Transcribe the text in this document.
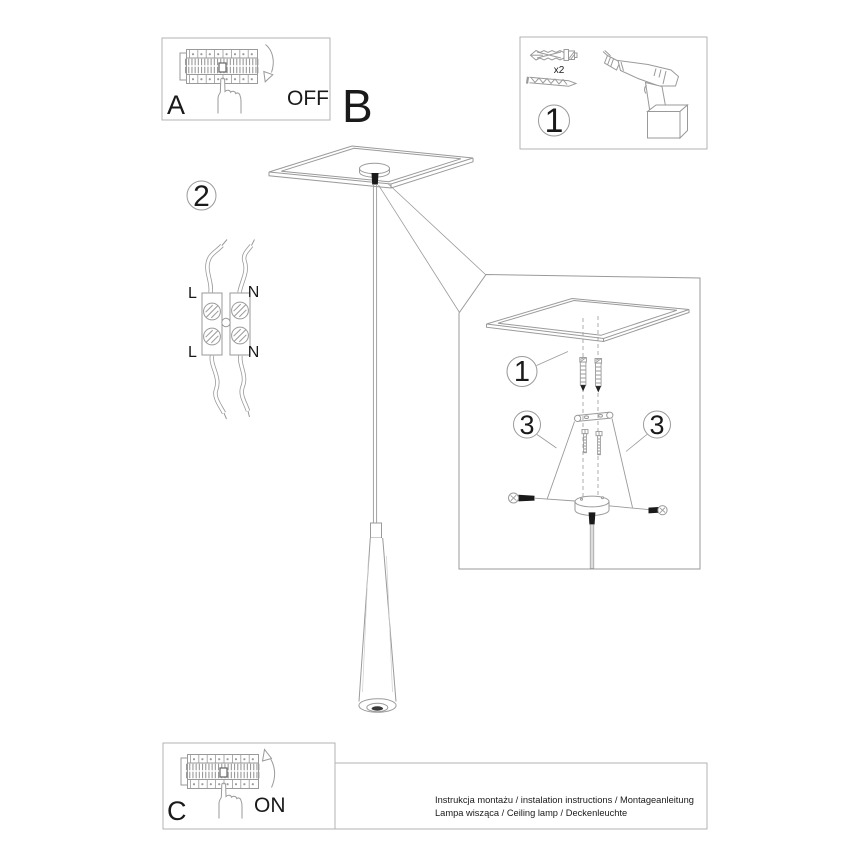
A	OFF
C	ON
B
2
x2
1
1
3	3
L	N
L	N
Instrukcja montażu / instalation instructions / Montageanleitung
Lampa wisząca / Ceiling lamp / Deckenleuchte
